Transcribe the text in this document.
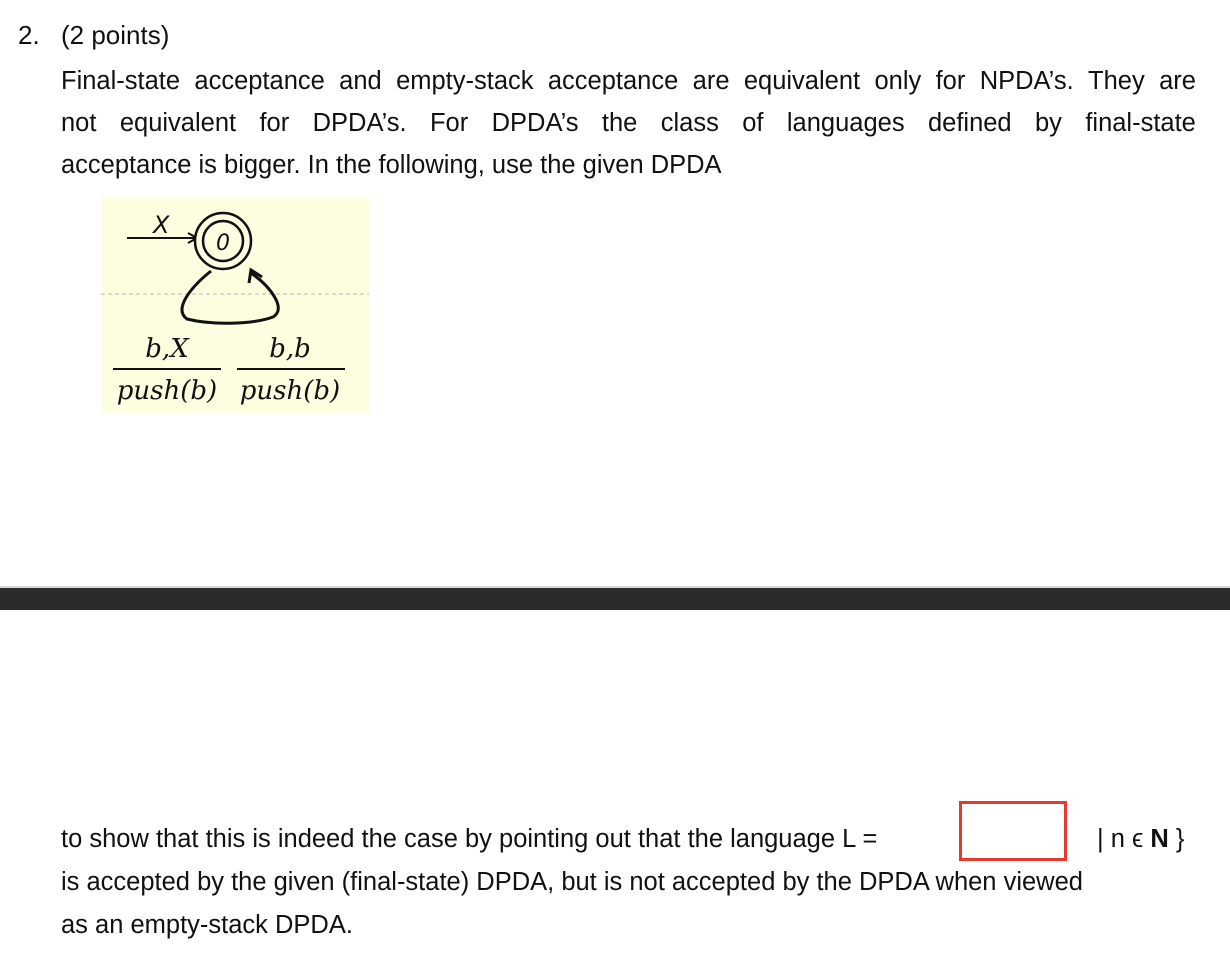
2. (2 points)
Final-state acceptance and empty-stack acceptance are equivalent only for NPDA’s. They are
not equivalent for DPDA’s. For DPDA’s the class of languages defined by final-state
acceptance is bigger. In the following, use the given DPDA
X
0
b,X
push(b)
b,b
push(b)
to show that this is indeed the case by pointing out that the language L =
is accepted by the given (final-state) DPDA, but is not accepted by the DPDA when viewed
as an empty-stack DPDA.
| n ϵ N }
